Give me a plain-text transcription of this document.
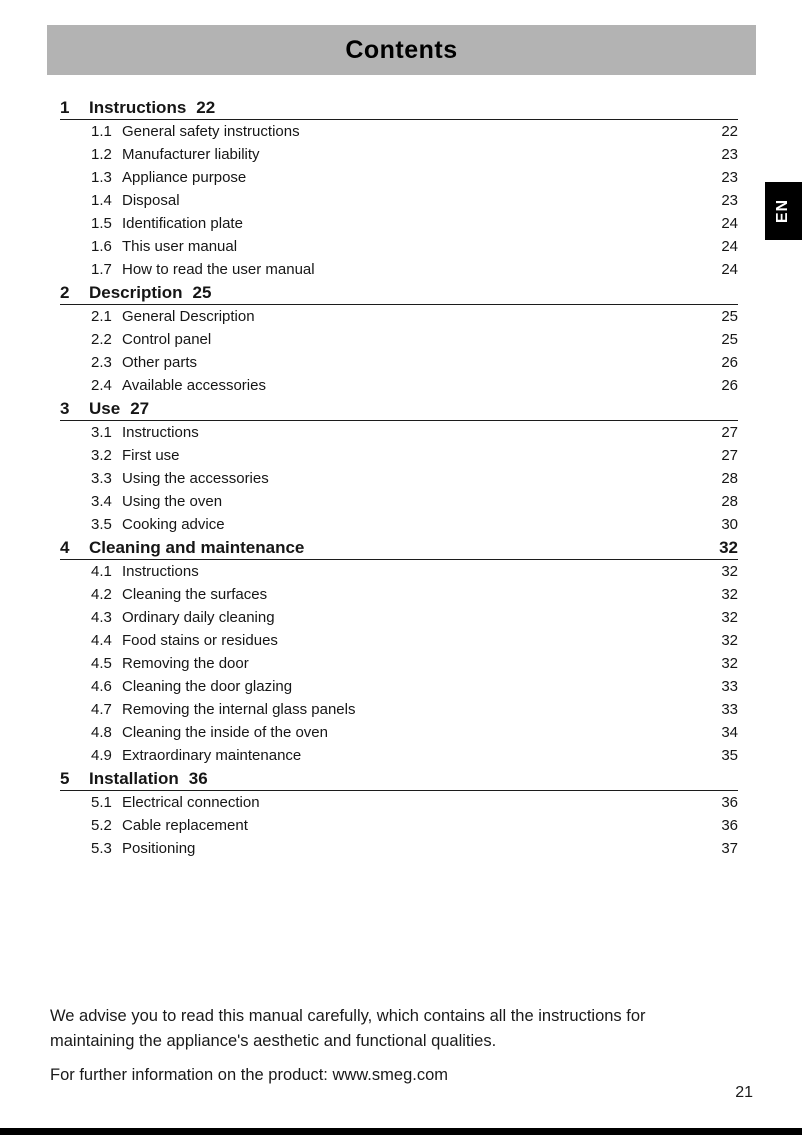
Contents
EN
1	Instructions 22
1.1 General safety instructions	22
1.2 Manufacturer liability	23
1.3 Appliance purpose	23
1.4 Disposal	23
1.5 Identification plate	24
1.6 This user manual	24
1.7 How to read the user manual	24
2	Description 25
2.1 General Description	25
2.2 Control panel	25
2.3 Other parts	26
2.4 Available accessories	26
3	Use 27
3.1 Instructions	27
3.2 First use	27
3.3 Using the accessories	28
3.4 Using the oven	28
3.5 Cooking advice	30
4	Cleaning and maintenance	32
4.1 Instructions	32
4.2 Cleaning the surfaces	32
4.3 Ordinary daily cleaning	32
4.4 Food stains or residues	32
4.5 Removing the door	32
4.6 Cleaning the door glazing	33
4.7 Removing the internal glass panels	33
4.8 Cleaning the inside of the oven	34
4.9 Extraordinary maintenance	35
5	Installation 36
5.1 Electrical connection	36
5.2 Cable replacement	36
5.3 Positioning	37

We advise you to read this manual carefully, which contains all the instructions for maintaining the appliance's aesthetic and functional qualities.

For further information on the product: www.smeg.com

21
